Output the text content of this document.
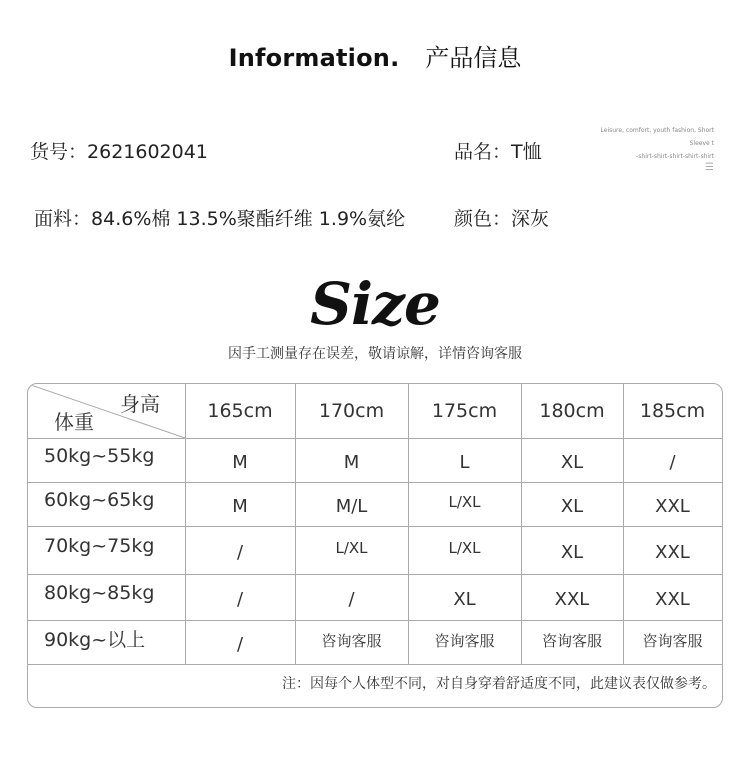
Information. 产品信息
货号：2621602041	品名：T恤
面料：84.6%棉 13.5%聚酯纤维 1.9%氨纶	颜色：深灰
Leisure, comfort, youth fashion, Short Sleeve t
-shirt-shirt-shirt-shirt-shirt
☰
Size
因手工测量存在误差，敬请谅解，详情咨询客服
身高
体重
注：因每个人体型不同，对自身穿着舒适度不同，此建议表仅做参考。
165cm	170cm	175cm	180cm	185cm
50kg~55kg	M	M	L	XL	/
60kg~65kg	M	M/L	L/XL	XL	XXL
70kg~75kg	/	L/XL	L/XL	XL	XXL
80kg~85kg	/	/	XL	XXL	XXL
90kg~以上	/	咨询客服	咨询客服	咨询客服	咨询客服
